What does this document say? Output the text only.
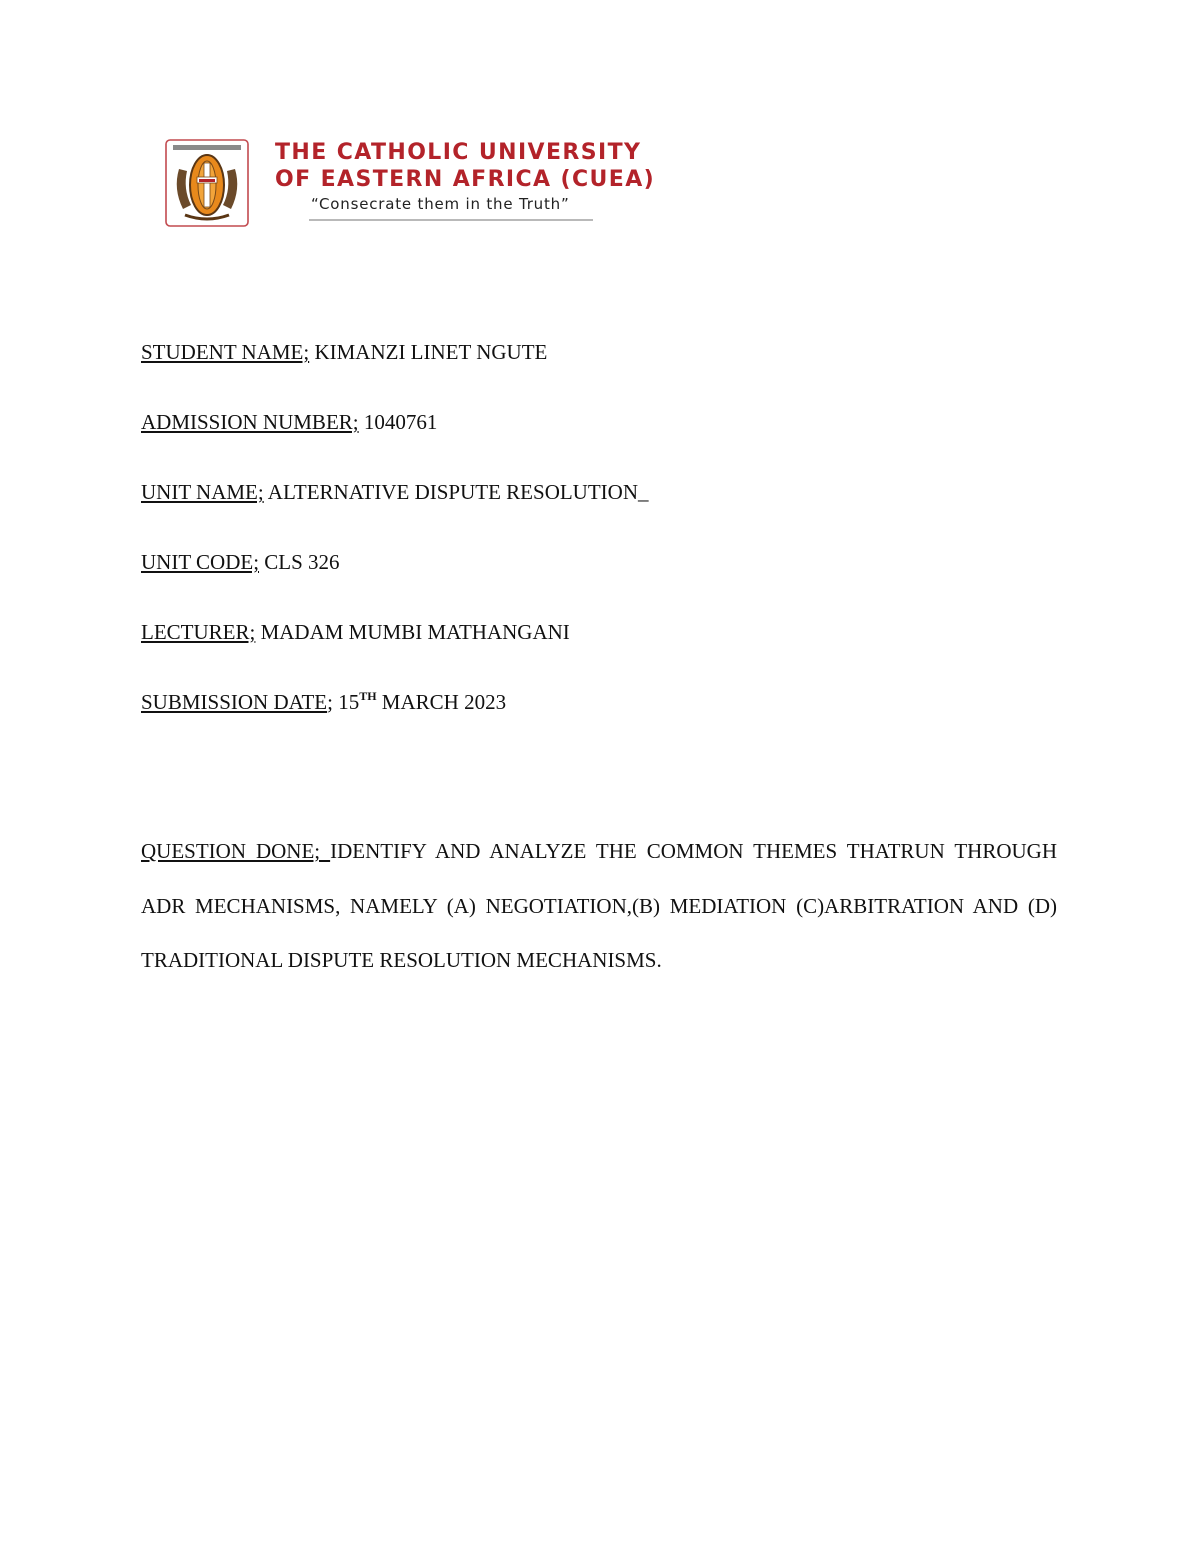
THE CATHOLIC UNIVERSITY
OF EASTERN AFRICA (CUEA)
“Consecrate them in the Truth”
STUDENT NAME; KIMANZI LINET NGUTE
ADMISSION NUMBER; 1040761
UNIT NAME; ALTERNATIVE DISPUTE RESOLUTION_
UNIT CODE; CLS 326
LECTURER; MADAM MUMBI MATHANGANI
SUBMISSION DATE; 15TH MARCH 2023
QUESTION DONE; IDENTIFY AND ANALYZE THE COMMON THEMES THATRUN THROUGH ADR MECHANISMS, NAMELY (A) NEGOTIATION,(B) MEDIATION (C)ARBITRATION AND (D) TRADITIONAL DISPUTE RESOLUTION MECHANISMS.
